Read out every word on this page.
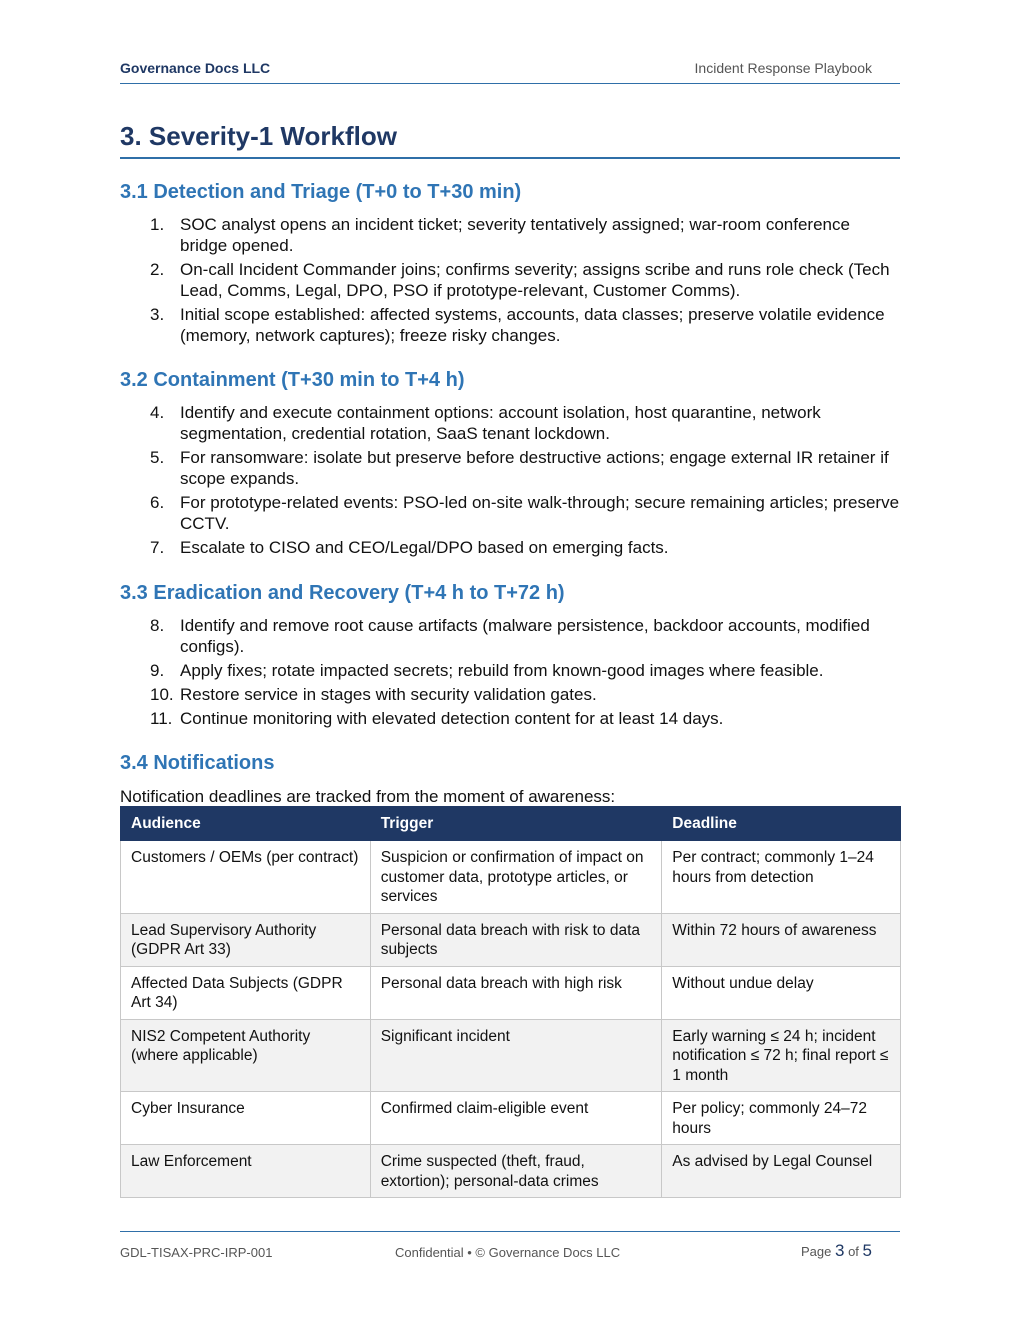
Governance Docs LLC	Incident Response Playbook
3. Severity-1 Workflow
3.1 Detection and Triage (T+0 to T+30 min)
1. SOC analyst opens an incident ticket; severity tentatively assigned; war-room conference bridge opened.
2. On-call Incident Commander joins; confirms severity; assigns scribe and runs role check (Tech Lead, Comms, Legal, DPO, PSO if prototype-relevant, Customer Comms).
3. Initial scope established: affected systems, accounts, data classes; preserve volatile evidence (memory, network captures); freeze risky changes.
3.2 Containment (T+30 min to T+4 h)
4. Identify and execute containment options: account isolation, host quarantine, network segmentation, credential rotation, SaaS tenant lockdown.
5. For ransomware: isolate but preserve before destructive actions; engage external IR retainer if scope expands.
6. For prototype-related events: PSO-led on-site walk-through; secure remaining articles; preserve CCTV.
7. Escalate to CISO and CEO/Legal/DPO based on emerging facts.
3.3 Eradication and Recovery (T+4 h to T+72 h)
8. Identify and remove root cause artifacts (malware persistence, backdoor accounts, modified configs).
9. Apply fixes; rotate impacted secrets; rebuild from known-good images where feasible.
10. Restore service in stages with security validation gates.
11. Continue monitoring with elevated detection content for at least 14 days.
3.4 Notifications
Notification deadlines are tracked from the moment of awareness:
Audience	Trigger	Deadline
Customers / OEMs (per contract)	Suspicion or confirmation of impact on customer data, prototype articles, or services	Per contract; commonly 1–24 hours from detection
Lead Supervisory Authority (GDPR Art 33)	Personal data breach with risk to data subjects	Within 72 hours of awareness
Affected Data Subjects (GDPR Art 34)	Personal data breach with high risk	Without undue delay
NIS2 Competent Authority (where applicable)	Significant incident	Early warning ≤ 24 h; incident notification ≤ 72 h; final report ≤ 1 month
Cyber Insurance	Confirmed claim-eligible event	Per policy; commonly 24–72 hours
Law Enforcement	Crime suspected (theft, fraud, extortion); personal-data crimes	As advised by Legal Counsel
GDL-TISAX-PRC-IRP-001	Confidential • © Governance Docs LLC	Page 3 of 5
